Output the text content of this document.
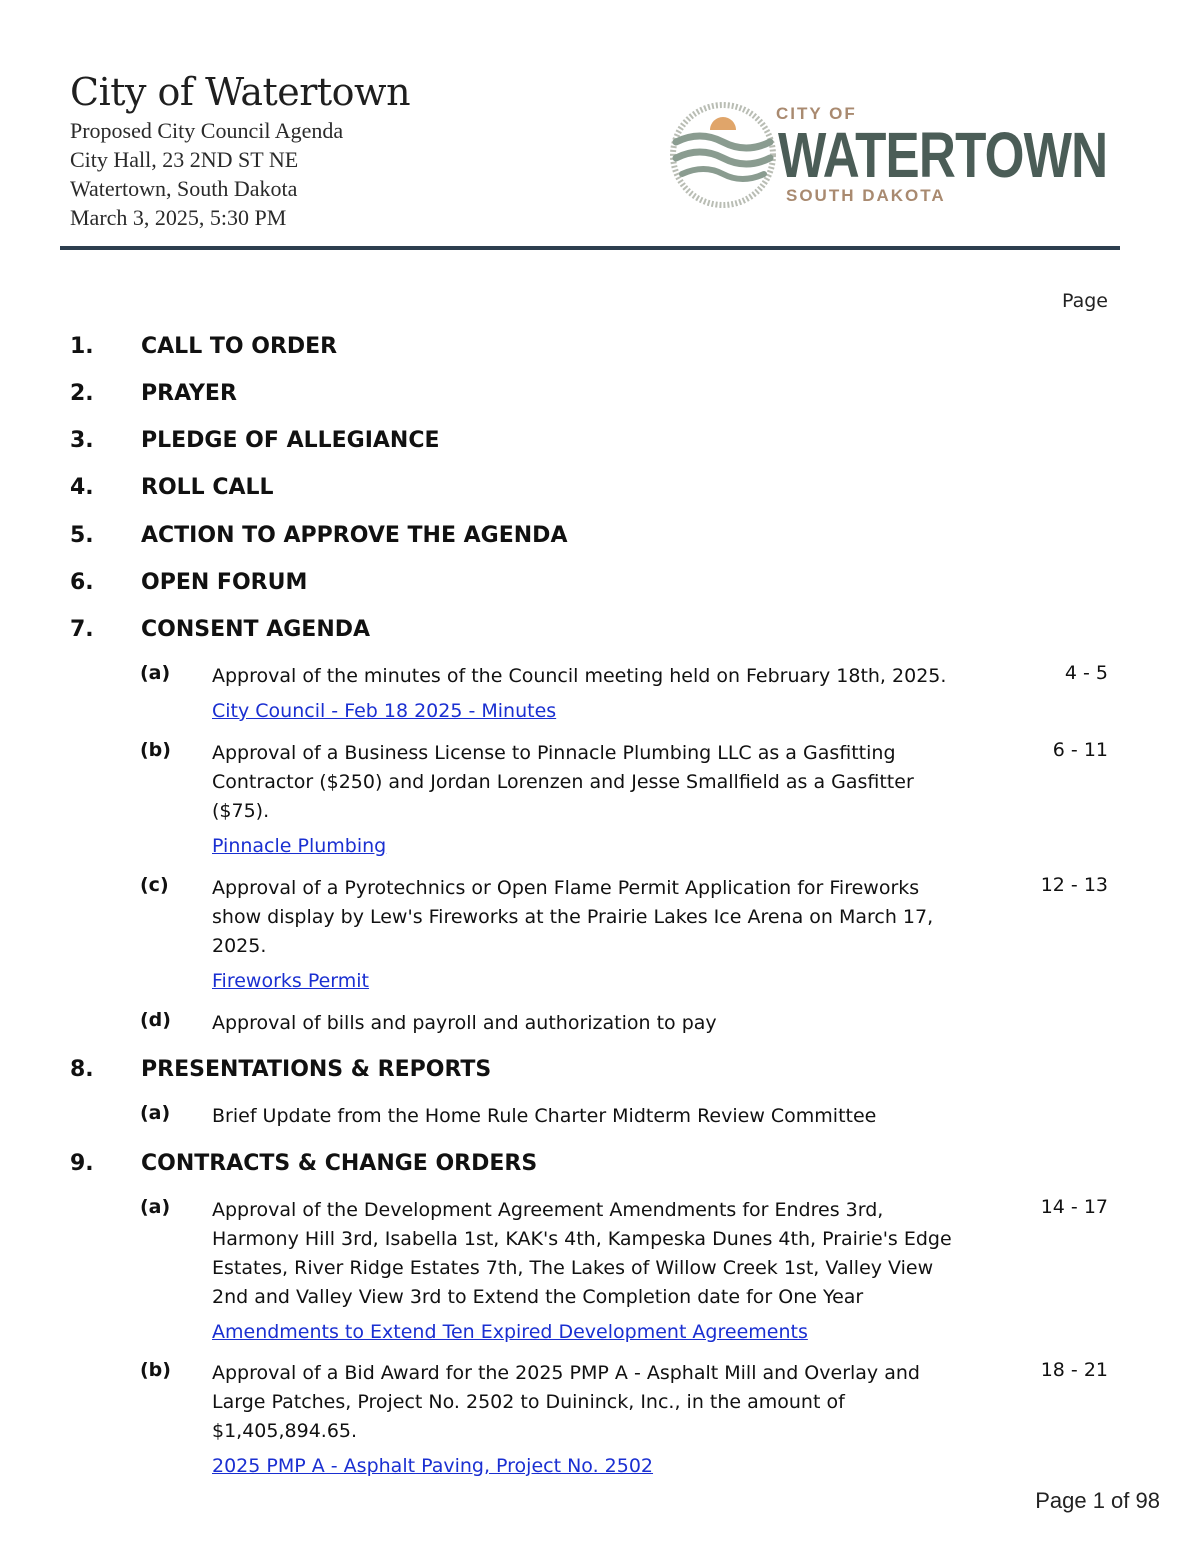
City of Watertown
Proposed City Council Agenda
City Hall, 23 2ND ST NE
Watertown, South Dakota
March 3, 2025, 5:30 PM
CITY OF
WATERTOWN
SOUTH DAKOTA
Page
1. CALL TO ORDER
2. PRAYER
3. PLEDGE OF ALLEGIANCE
4. ROLL CALL
5. ACTION TO APPROVE THE AGENDA
6. OPEN FORUM
7. CONSENT AGENDA
(a) Approval of the minutes of the Council meeting held on February 18th, 2025.
City Council - Feb 18 2025 - Minutes
4 - 5
(b) Approval of a Business License to Pinnacle Plumbing LLC as a Gasfitting Contractor ($250) and Jordan Lorenzen and Jesse Smallfield as a Gasfitter ($75).
Pinnacle Plumbing
6 - 11
(c) Approval of a Pyrotechnics or Open Flame Permit Application for Fireworks show display by Lew's Fireworks at the Prairie Lakes Ice Arena on March 17, 2025.
Fireworks Permit
12 - 13
(d) Approval of bills and payroll and authorization to pay
8. PRESENTATIONS & REPORTS
(a) Brief Update from the Home Rule Charter Midterm Review Committee
9. CONTRACTS & CHANGE ORDERS
(a) Approval of the Development Agreement Amendments for Endres 3rd, Harmony Hill 3rd, Isabella 1st, KAK's 4th, Kampeska Dunes 4th, Prairie's Edge Estates, River Ridge Estates 7th, The Lakes of Willow Creek 1st, Valley View 2nd and Valley View 3rd to Extend the Completion date for One Year
Amendments to Extend Ten Expired Development Agreements
14 - 17
(b) Approval of a Bid Award for the 2025 PMP A - Asphalt Mill and Overlay and Large Patches, Project No. 2502 to Duininck, Inc., in the amount of $1,405,894.65.
2025 PMP A - Asphalt Paving, Project No. 2502
18 - 21
Page 1 of 98
